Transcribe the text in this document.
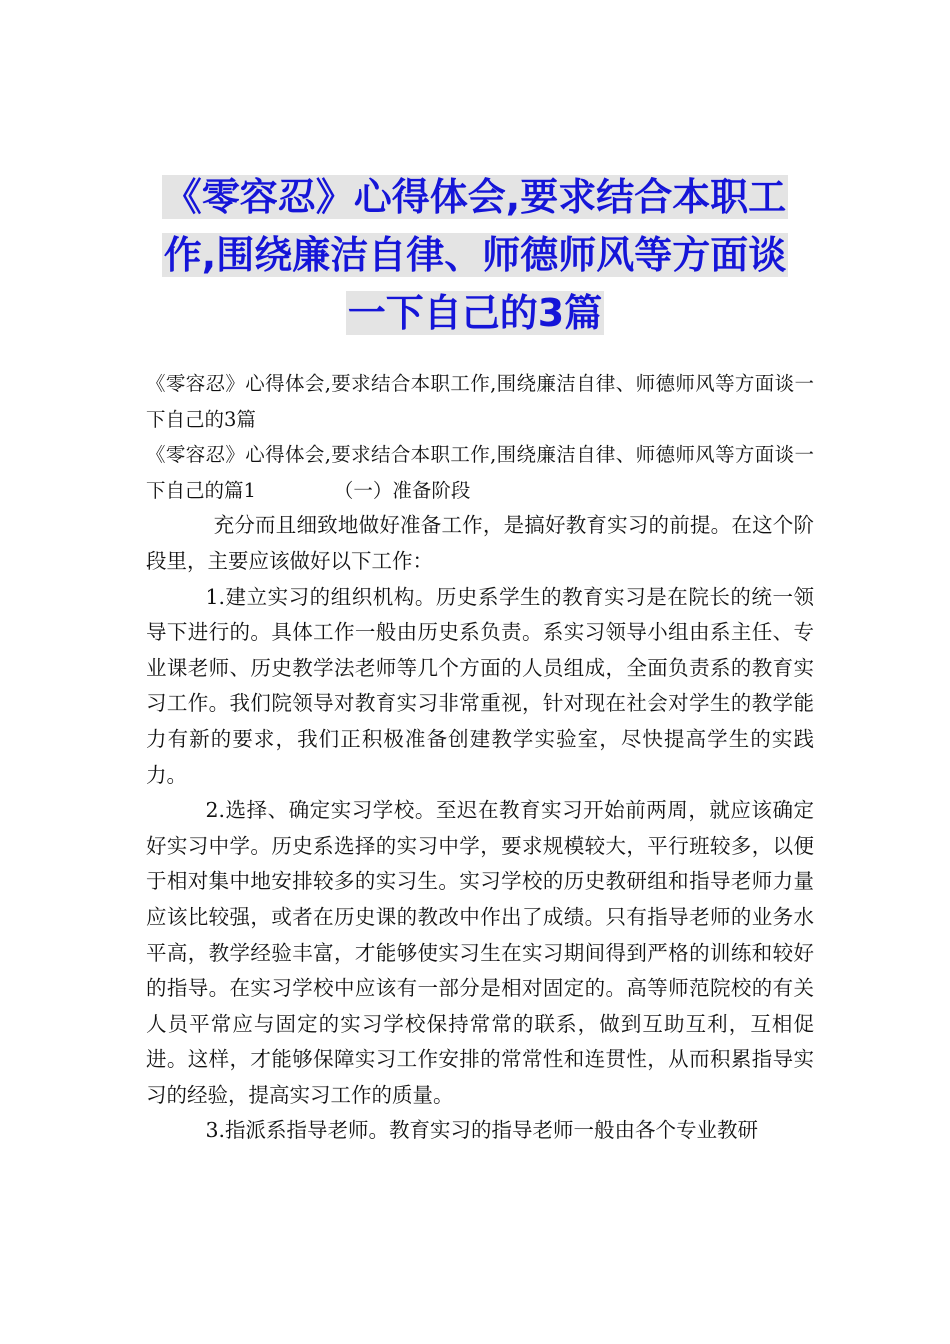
《零容忍》心得体会,要求结合本职工
作,围绕廉洁自律、师德师风等方面谈
一下自己的3篇

《零容忍》心得体会,要求结合本职工作,围绕廉洁自律、师德师风等方面谈一下自己的3篇

《零容忍》心得体会,要求结合本职工作,围绕廉洁自律、师德师风等方面谈一下自己的篇1	（一）准备阶段

充分而且细致地做好准备工作，是搞好教育实习的前提。在这个阶段里，主要应该做好以下工作：

1.建立实习的组织机构。历史系学生的教育实习是在院长的统一领导下进行的。具体工作一般由历史系负责。系实习领导小组由系主任、专业课老师、历史教学法老师等几个方面的人员组成，全面负责系的教育实习工作。我们院领导对教育实习非常重视，针对现在社会对学生的教学能力有新的要求，我们正积极准备创建教学实验室，尽快提高学生的实践力。

2.选择、确定实习学校。至迟在教育实习开始前两周，就应该确定好实习中学。历史系选择的实习中学，要求规模较大，平行班较多，以便于相对集中地安排较多的实习生。实习学校的历史教研组和指导老师力量应该比较强，或者在历史课的教改中作出了成绩。只有指导老师的业务水平高，教学经验丰富，才能够使实习生在实习期间得到严格的训练和较好的指导。在实习学校中应该有一部分是相对固定的。高等师范院校的有关人员平常应与固定的实习学校保持常常的联系，做到互助互利，互相促进。这样，才能够保障实习工作安排的常常性和连贯性，从而积累指导实习的经验，提高实习工作的质量。

3.指派系指导老师。教育实习的指导老师一般由各个专业教研
